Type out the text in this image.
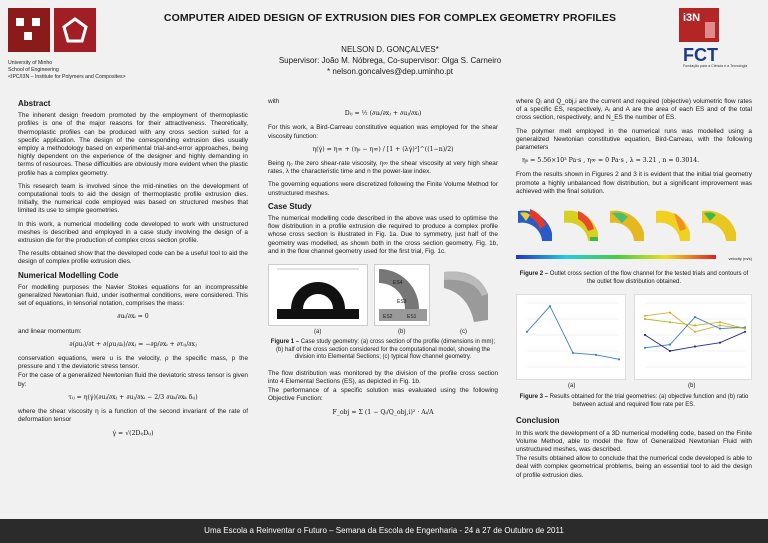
COMPUTER AIDED DESIGN OF EXTRUSION DIES FOR COMPLEX GEOMETRY PROFILES
NELSON D. GONÇALVES*
Supervisor: João M. Nóbrega, Co-supervisor: Olga S. Carneiro
* nelson.goncalves@dep.uminho.pt
University of Minho
School of Engineering
<IPC/I3N – Institute for Polymers and Composites>
i3N
FCT
Fundação para a Ciência e a Tecnologia
Abstract

The inherent design freedom promoted by the employment of thermoplastic profiles is one of the major reasons for their attractiveness. Theoretically, thermoplastic profiles can be produced with any cross section suited for a specific application. The design of the corresponding extrusion dies usually employ a methodology based on experimental trial-and-error approaches, being highly dependent on the experience of the designer and highly demanding in terms of resources. These difficulties are obviously more evident when the plastic profile has a complex geometry.

This research team is involved since the mid-nineties on the development of computational tools to aid the design of thermoplastic profile extrusion dies. Initially, the numerical code employed was based on structured meshes that limited its use to simple geometries.

In this work, a numerical modelling code developed to work with unstructured meshes is described and employed in a case study involving the design of a extrusion die for the production of complex cross section profile.

The results obtained show that the developed code can be a useful tool to aid the design of complex profile extrusion dies.

Numerical Modelling Code

For modelling purposes the Navier Stokes equations for an incompressible generalized Newtonian fluid, under isothermal conditions, were considered. This set of equations, in tensorial notation, comprises the mass:

∂uᵢ/∂xᵢ = 0

and linear momentum:

∂(ρuᵢ)/∂t + ∂(ρuⱼuᵢ)/∂xⱼ = −∂p/∂xᵢ + ∂τᵢⱼ/∂xⱼ

conservation equations, were u is the velocity, ρ the specific mass, p the pressure and τ the deviatoric stress tensor.

For the case of a generalized Newtonian fluid the deviatoric stress tensor is given by:

τᵢⱼ = η(γ̇)(∂uᵢ/∂xⱼ + ∂uⱼ/∂xᵢ − 2/3 ∂uₖ/∂xₖ δᵢⱼ)

where the shear viscosity η is a function of the second invariant of the rate of deformation tensor

γ̇ = √(2DᵢⱼDᵢⱼ)

with

Dᵢⱼ = ½ (∂uᵢ/∂xⱼ + ∂uⱼ/∂xᵢ)

For this work, a Bird-Carreau constitutive equation was employed for the shear viscosity function:

η(γ̇) = η∞ + (η₀ − η∞) / [1 + (λγ̇)²]^((1−n)/2)

Being η₀ the zero shear-rate viscosity, η∞ the shear viscosity at very high shear rates, λ the characteristic time and n the power-law index.

The governing equations were discretized following the Finite Volume Method for unstructured meshes.

Case Study

The numerical modelling code described in the above was used to optimise the flow distribution in a profile extrusion die required to produce a complex profile whose cross section is illustrated in Fig. 1a. Due to symmetry, just half of the geometry was modelled, as shown both in the cross section geometry, Fig. 1b, and in the flow channel geometry used for the first trial, Fig. 1c.

ES4
ES3
ES2	ES1
(a)	(b)	(c)
Figure 1 – Case study geometry: (a) cross section of the profile (dimensions in mm); (b) half of the cross section considered for the computational model, showing the division into Elemental Sections; (c) typical flow channel geometry.

The flow distribution was monitored by the division of the profile cross section into 4 Elemental Sections (ES), as depicted in Fig. 1b.

The performance of a specific solution was evaluated using the following Objective Function:

F_obj = Σ (1 − Qᵢ/Q_obj,i)² · Aᵢ/A

where Qᵢ and Q_obj,i are the current and required (objective) volumetric flow rates of a specific ES, respectively, Aᵢ and A are the area of each ES and of the total cross section, respectively, and N_ES the number of ES.

The polymer melt employed in the numerical runs was modelled using a generalized Newtonian constitutive equation, Bird-Carreau, with the following parameters

η₀ = 5.56×10³ Pa·s , η∞ = 0 Pa·s , λ = 3.21 , n = 0.3014.

From the results shown in Figures 2 and 3 it is evident that the initial trial geometry promote a highly unbalanced flow distribution, but a significant improvement was achieved with the final solution.

velocity (m/s)
Figure 2 – Outlet cross section of the flow channel for the tested trials and contours of the outlet flow distribution obtained.
(a)	(b)
Figure 3 – Results obtained for the trial geometries: (a) objective function and (b) ratio between actual and required flow rate per ES.
Conclusion

In this work the development of a 3D numerical modelling code, based on the Finite Volume Method, able to model the flow of Generalized Newtonian Fluid with unstructured meshes, was described.

The results obtained allow to conclude that the numerical code developed is able to deal with complex geometrical problems, being an essential tool to aid the design of profile extrusion dies.

Uma Escola a Reinventar o Futuro – Semana da Escola de Engenharia - 24 a 27 de Outubro de 2011
